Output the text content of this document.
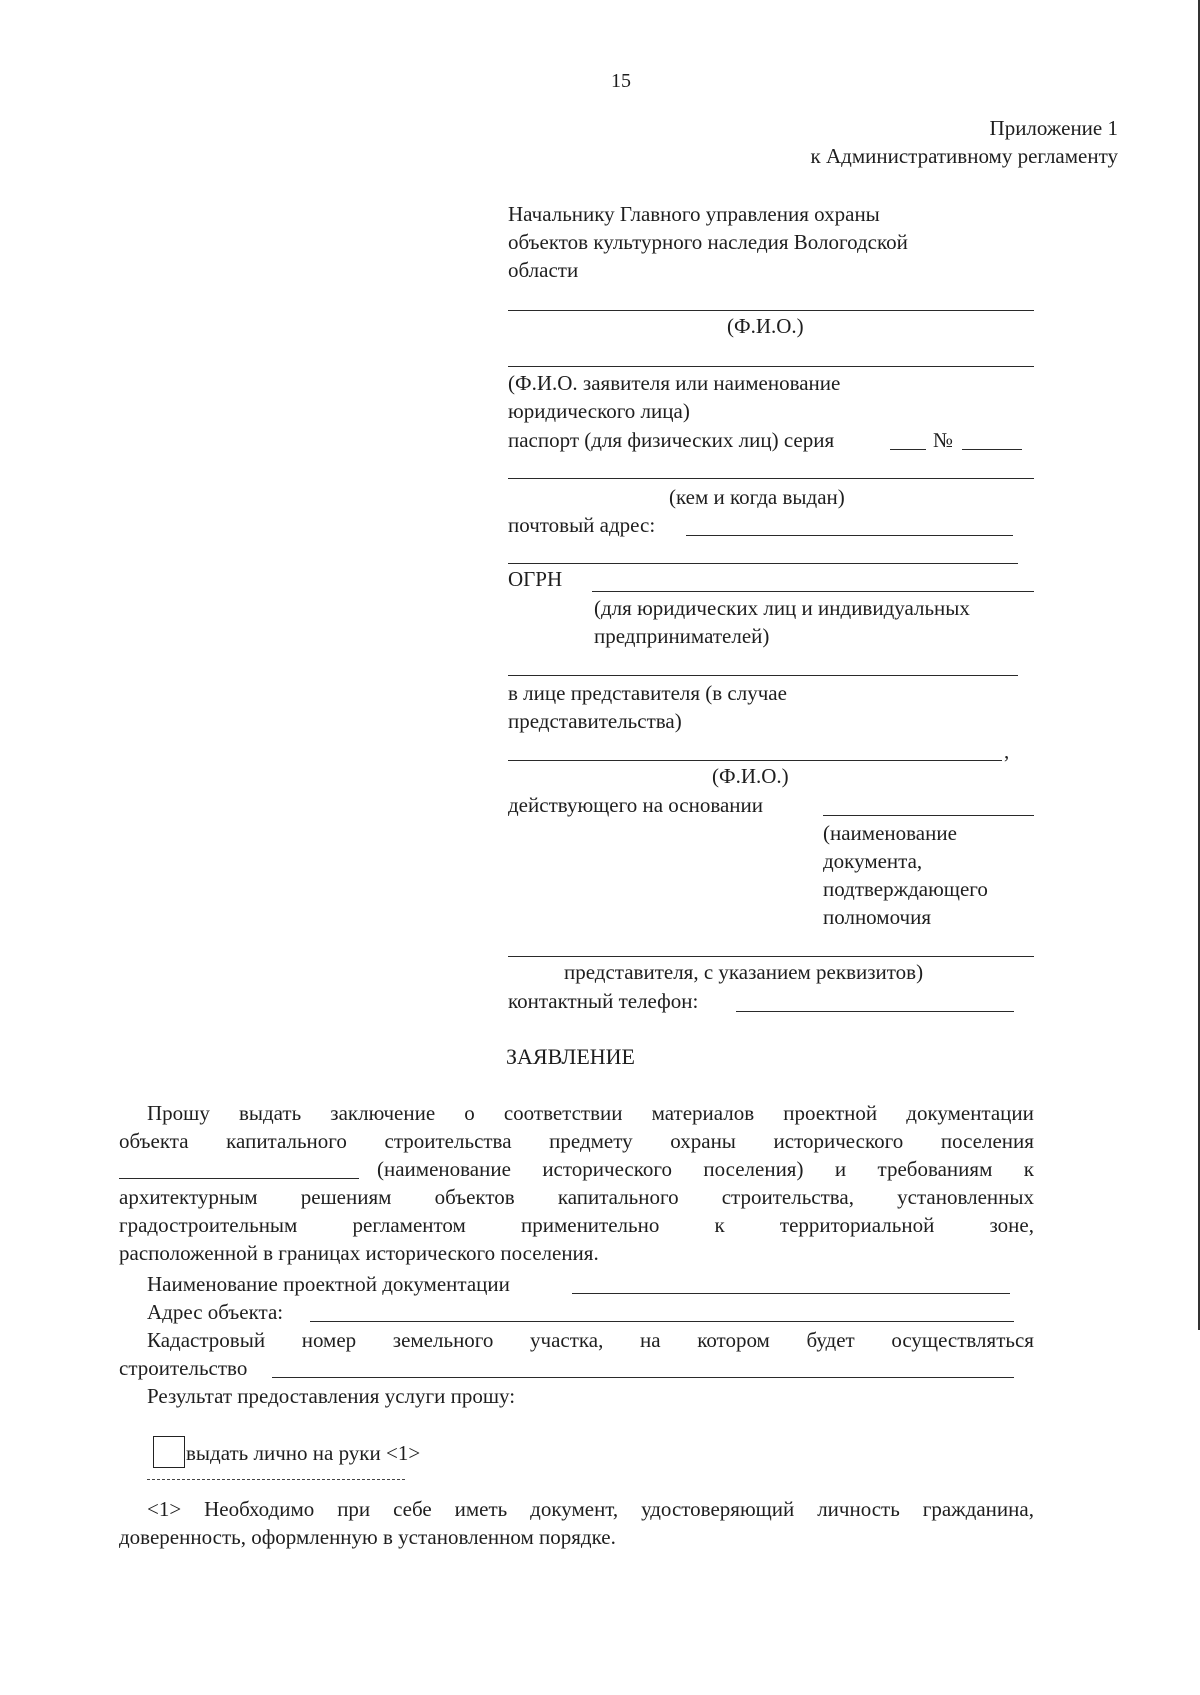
15
Приложение 1
к Административному регламенту
Начальнику Главного управления охраны
объектов культурного наследия Вологодской
области
(Ф.И.О.)
(Ф.И.О. заявителя или наименование
юридического лица)
паспорт (для физических лиц) серия	№
(кем и когда выдан)
почтовый адрес:
ОГРН
(для юридических лиц и индивидуальных
предпринимателей)
в лице представителя (в случае
представительства)
,
(Ф.И.О.)
действующего на основании
(наименование
документа,
подтверждающего
полномочия
представителя, с указанием реквизитов)
контактный телефон:
ЗАЯВЛЕНИЕ
Прошу выдать заключение о соответствии материалов проектной документации
объекта капитального строительства предмету охраны исторического поселения
(наименование исторического поселения) и требованиям к
архитектурным решениям объектов капитального строительства, установленных
градостроительным	регламентом	применительно	к	территориальной	зоне,
расположенной в границах исторического поселения.
Наименование проектной документации
Адрес объекта:
Кадастровый номер земельного участка, на котором будет осуществляться
строительство
Результат предоставления услуги прошу:
выдать лично на руки <1>
<1> Необходимо при себе иметь документ, удостоверяющий личность гражданина,
доверенность, оформленную в установленном порядке.
